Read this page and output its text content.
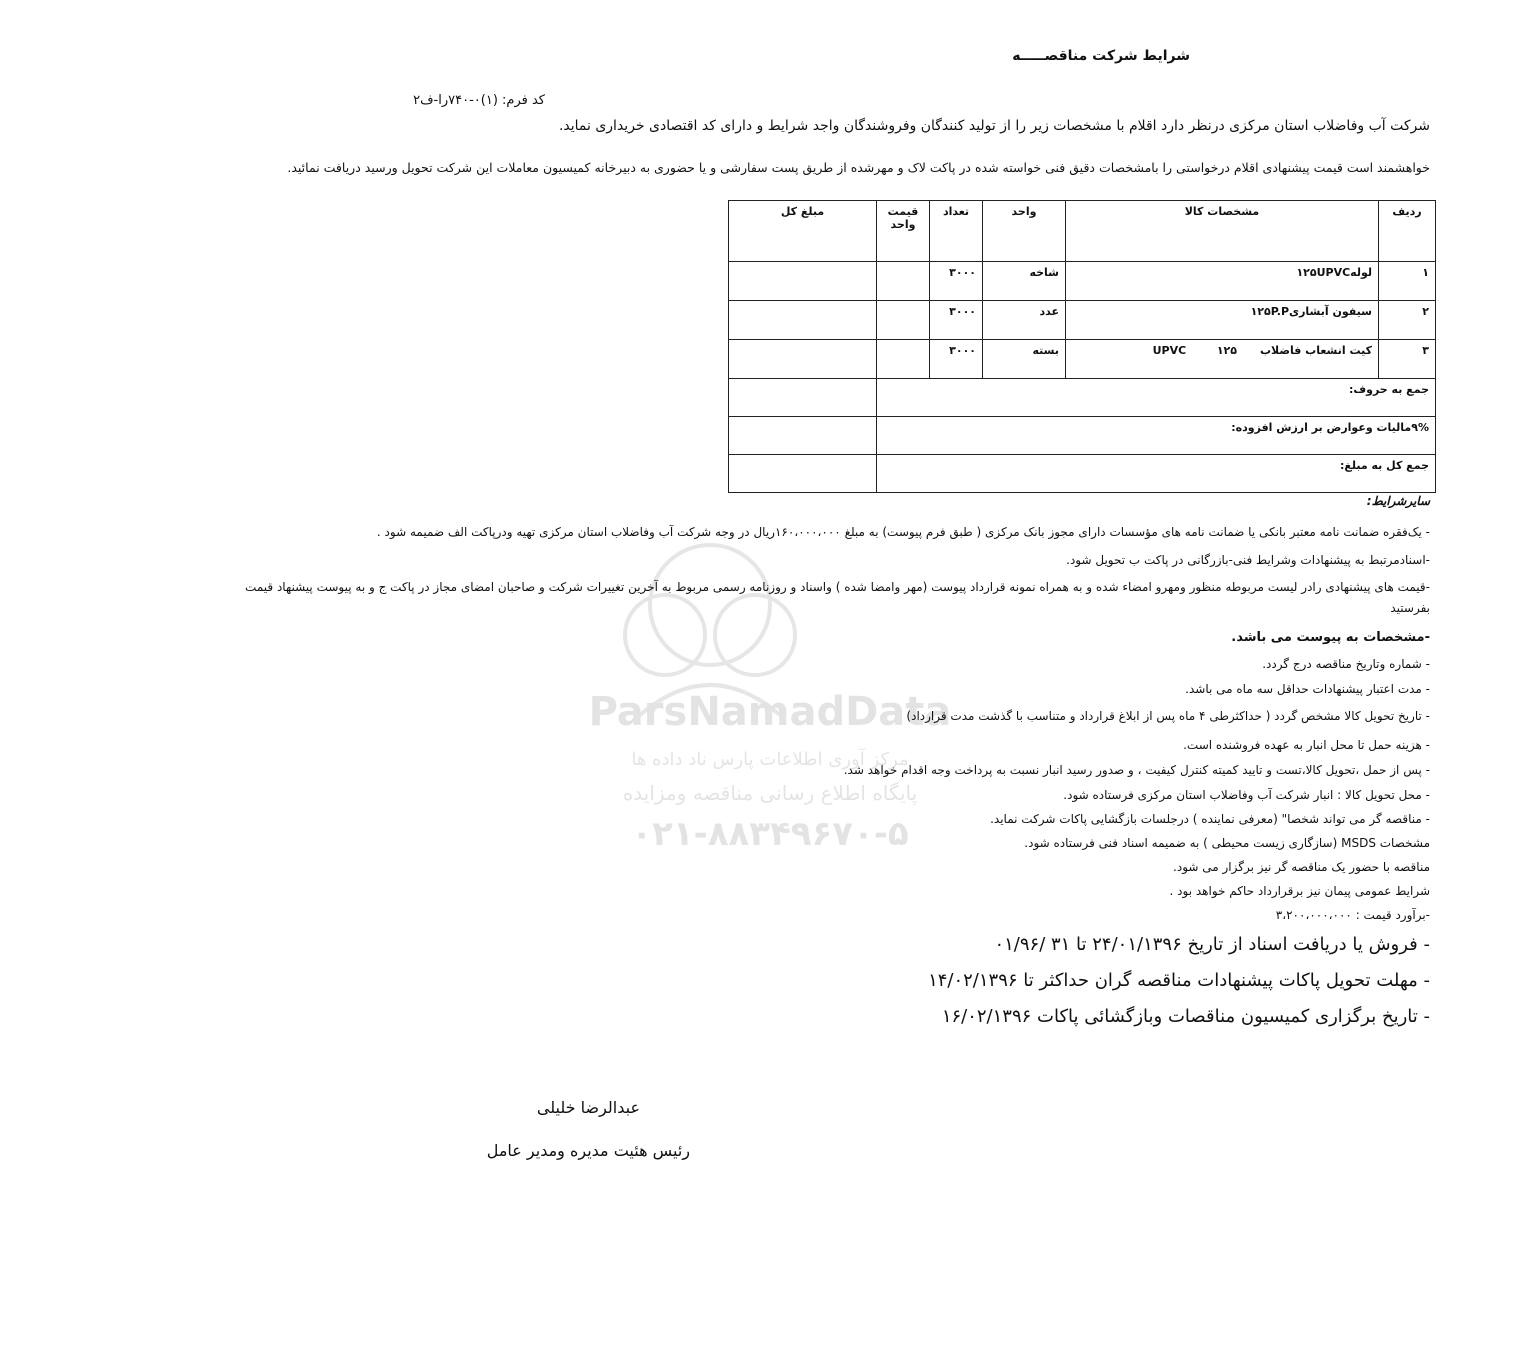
ParsNamadData
مرکز آوری اطلاعات پارس ناد داده ها
پایگاه اطلاع رسانی مناقصه ومزایده
۰۲۱-۸۸۳۴۹۶۷۰-۵
شرایط شرکت مناقصـــــه
کد فرم: (۱)۰-۷۴۰را-ف۲
شرکت آب وفاضلاب استان مرکزی درنظر دارد اقلام با مشخصات زیر را از تولید کنندگان وفروشندگان واجد شرایط و دارای کد اقتصادی خریداری نماید.
خواهشمند است قیمت پیشنهادی اقلام درخواستی را بامشخصات دقیق فنی خواسته شده در پاکت لاک و مهرشده از طریق پست سفارشی و یا حضوری به دبیرخانه کمیسیون معاملات این شرکت تحویل ورسید دریافت نمائید.
ردیف	مشخصات کالا	واحد	تعداد	قیمت واحد	مبلغ کل
۱	لوله۱۲۵UPVC	شاخه	۳۰۰۰		
۲	سیفون آبشاری۱۲۵P.P	عدد	۳۰۰۰		
۳	کیت انشعاب فاضلاب      UPVC        ۱۲۵	بسته	۳۰۰۰		
جمع به حروف:					
۹%مالیات وعوارض بر ارزش افزوده:					
جمع کل به مبلغ:					
سایرشرایط:
- یک‌فقره ضمانت نامه معتبر بانکی یا ضمانت نامه های مؤسسات دارای مجوز بانک مرکزی ( طبق فرم پیوست) به مبلغ ۱۶۰،۰۰۰،۰۰۰ریال در وجه شرکت آب وفاضلاب استان مرکزی تهیه ودرپاکت الف ضمیمه شود .
-اسنادمرتبط به پیشنهادات وشرایط فنی-بازرگانی در پاکت ب تحویل شود.
-قیمت های پیشنهادی رادر لیست مربوطه منظور ومهرو امضاء شده و به همراه نمونه قرارداد پیوست (مهر وامضا شده ) واسناد و روزنامه رسمی مربوط به آخرین تغییرات شرکت و صاحبان امضای مجاز در پاکت ج و به پیوست پیشنهاد قیمت
بفرستید
-مشخصات به پیوست می باشد.
- شماره وتاریخ مناقصه درج گردد.
- مدت اعتبار پیشنهادات حداقل سه ماه می باشد.
- تاریخ تحویل کالا مشخص گردد ( حداکثرطی ۴ ماه پس از ابلاغ قرارداد و متناسب با گذشت مدت قرارداد)
- هزینه حمل تا محل انبار به عهده فروشنده است.
- پس از حمل ،تحویل کالا،تست و تایید کمیته کنترل کیفیت ، و صدور رسید انبار نسبت به پرداخت وجه اقدام خواهد شد.
- محل تحویل کالا : انبار شرکت آب وفاضلاب استان مرکزی فرستاده شود.
- مناقصه گر می تواند شخصا" (معرفی نماینده ) درجلسات بازگشایی پاکات شرکت نماید.
مشخصات MSDS (سازگاری زیست محیطی ) به ضمیمه اسناد فنی فرستاده شود.
مناقصه با حضور یک مناقصه گر نیز برگزار می شود.
شرایط عمومی پیمان نیز برقرارداد حاکم خواهد بود .
-برآورد قیمت : ۳،۲۰۰،۰۰۰،۰۰۰
- فروش یا دریافت اسناد از تاریخ ۲۴/۰۱/۱۳۹۶ تا ۳۱ /۰۱/۹۶
- مهلت تحویل پاکات پیشنهادات مناقصه گران حداکثر تا ۱۴/۰۲/۱۳۹۶
- تاریخ برگزاری کمیسیون مناقصات وبازگشائی پاکات ۱۶/۰۲/۱۳۹۶
عبدالرضا خلیلی
رئیس هئیت مدیره ومدیر عامل
